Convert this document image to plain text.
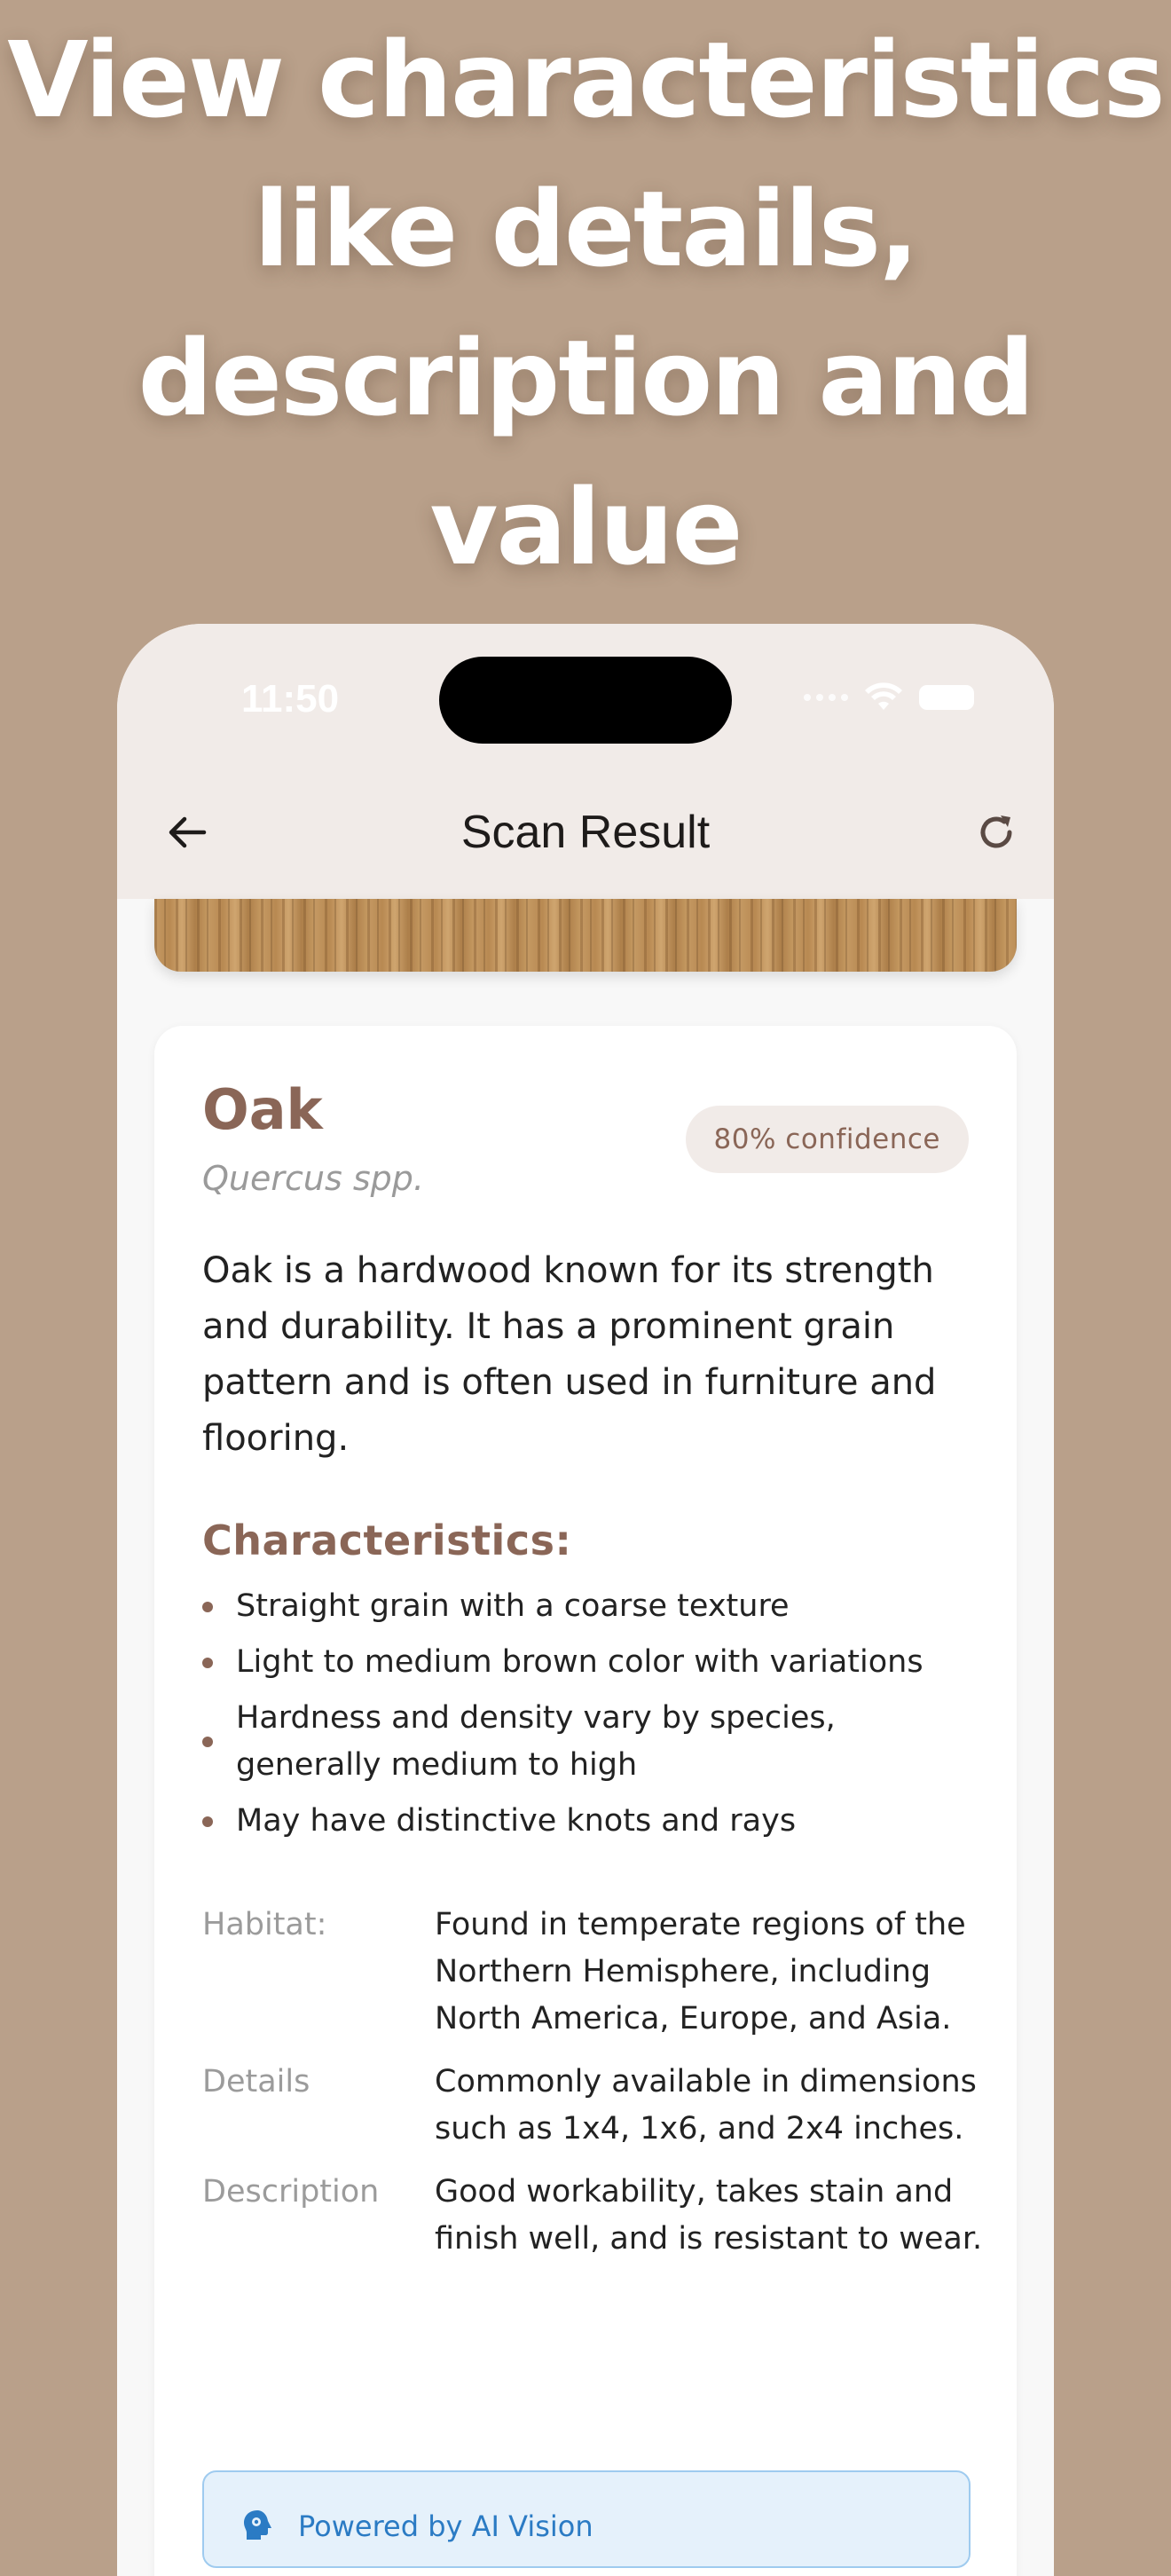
View characteristics
like details,
description and
value
11:50
Scan Result
Oak
Quercus spp.
80% confidence

Oak is a hardwood known for its strength and durability. It has a prominent grain pattern and is often used in furniture and flooring.

Characteristics:
Straight grain with a coarse texture
Light to medium brown color with variations
Hardness and density vary by species, generally medium to high
May have distinctive knots and rays
Habitat:	Found in temperate regions of the Northern Hemisphere, including North America, Europe, and Asia.
Details	Commonly available in dimensions such as 1x4, 1x6, and 2x4 inches.
Description	Good workability, takes stain and finish well, and is resistant to wear.
Powered by AI Vision
